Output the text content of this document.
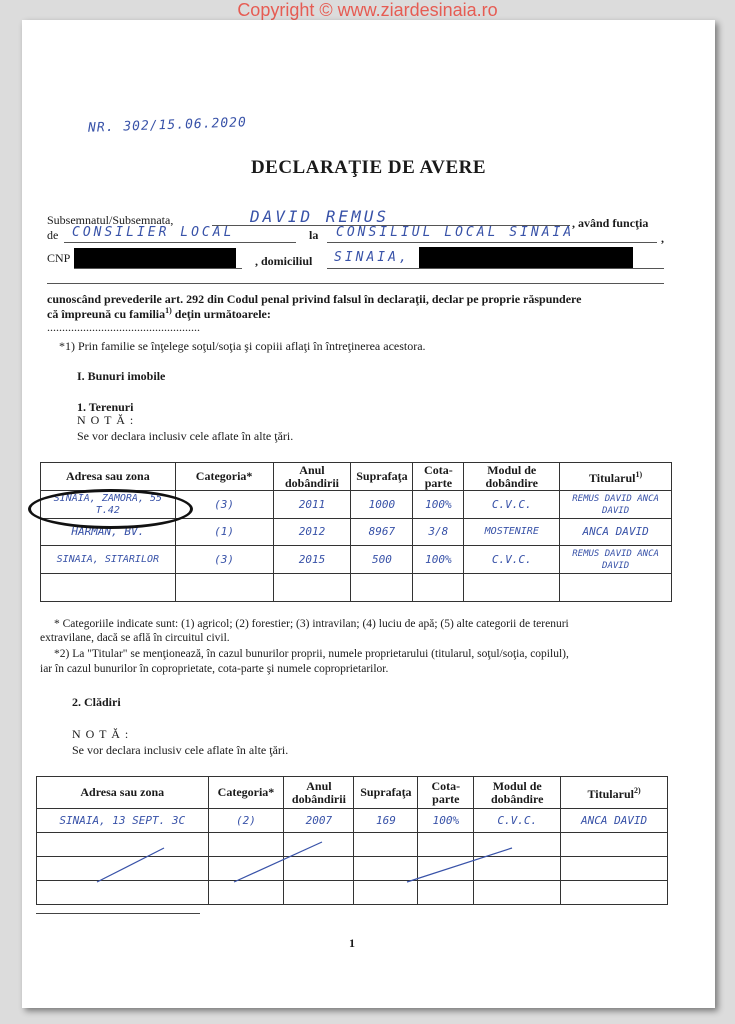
Copyright © www.ziardesinaia.ro
NR. 302/15.06.2020
DECLARAŢIE DE AVERE
Subsemnatul/Subsemnata,	DAVID REMUS	, având funcţia
de CONSILIER LOCAL	la CONSILIUL LOCAL SINAIA	,
CNP	, domiciliul SINAIA,
cunoscând prevederile art. 292 din Codul penal privind falsul în declaraţii, declar pe proprie răspundere
că împreună cu familia$^{1)}$ deţin următoarele:
...................................................
*1) Prin familie se înţelege soţul/soţia şi copiii aflaţi în întreţinerea acestora.
I. Bunuri imobile
1. Terenuri
N O T Ă :
Se vor declara inclusiv cele aflate în alte ţări.
Adresa sau zona	Categoria*	Anul dobândirii	Suprafaţa	Cota-parte	Modul de dobândire	Titularul$^{1)}$
SINAIA, ZAMORA, 55 T.42	(3)	2011	1000	100%	C.V.C.	REMUS DAVID ANCA DAVID
HARMAN, BV.	(1)	2012	8967	3/8	MOSTENIRE	ANCA DAVID
SINAIA, SITARILOR	(3)	2015	500	100%	C.V.C.	REMUS DAVID ANCA DAVID

* Categoriile indicate sunt: (1) agricol; (2) forestier; (3) intravilan; (4) luciu de apă; (5) alte categorii de terenuri
extravilane, dacă se află în circuitul civil.
*2) La "Titular" se menţionează, în cazul bunurilor proprii, numele proprietarului (titularul, soţul/soţia, copilul),
iar în cazul bunurilor în coproprietate, cota-parte şi numele coproprietarilor.
2. Clădiri
N O T Ă :
Se vor declara inclusiv cele aflate în alte ţări.
Adresa sau zona	Categoria*	Anul dobândirii	Suprafaţa	Cota-parte	Modul de dobândire	Titularul$^{2)}$
SINAIA, 13 SEPT. 3C	(2)	2007	169	100%	C.V.C.	ANCA DAVID

1
